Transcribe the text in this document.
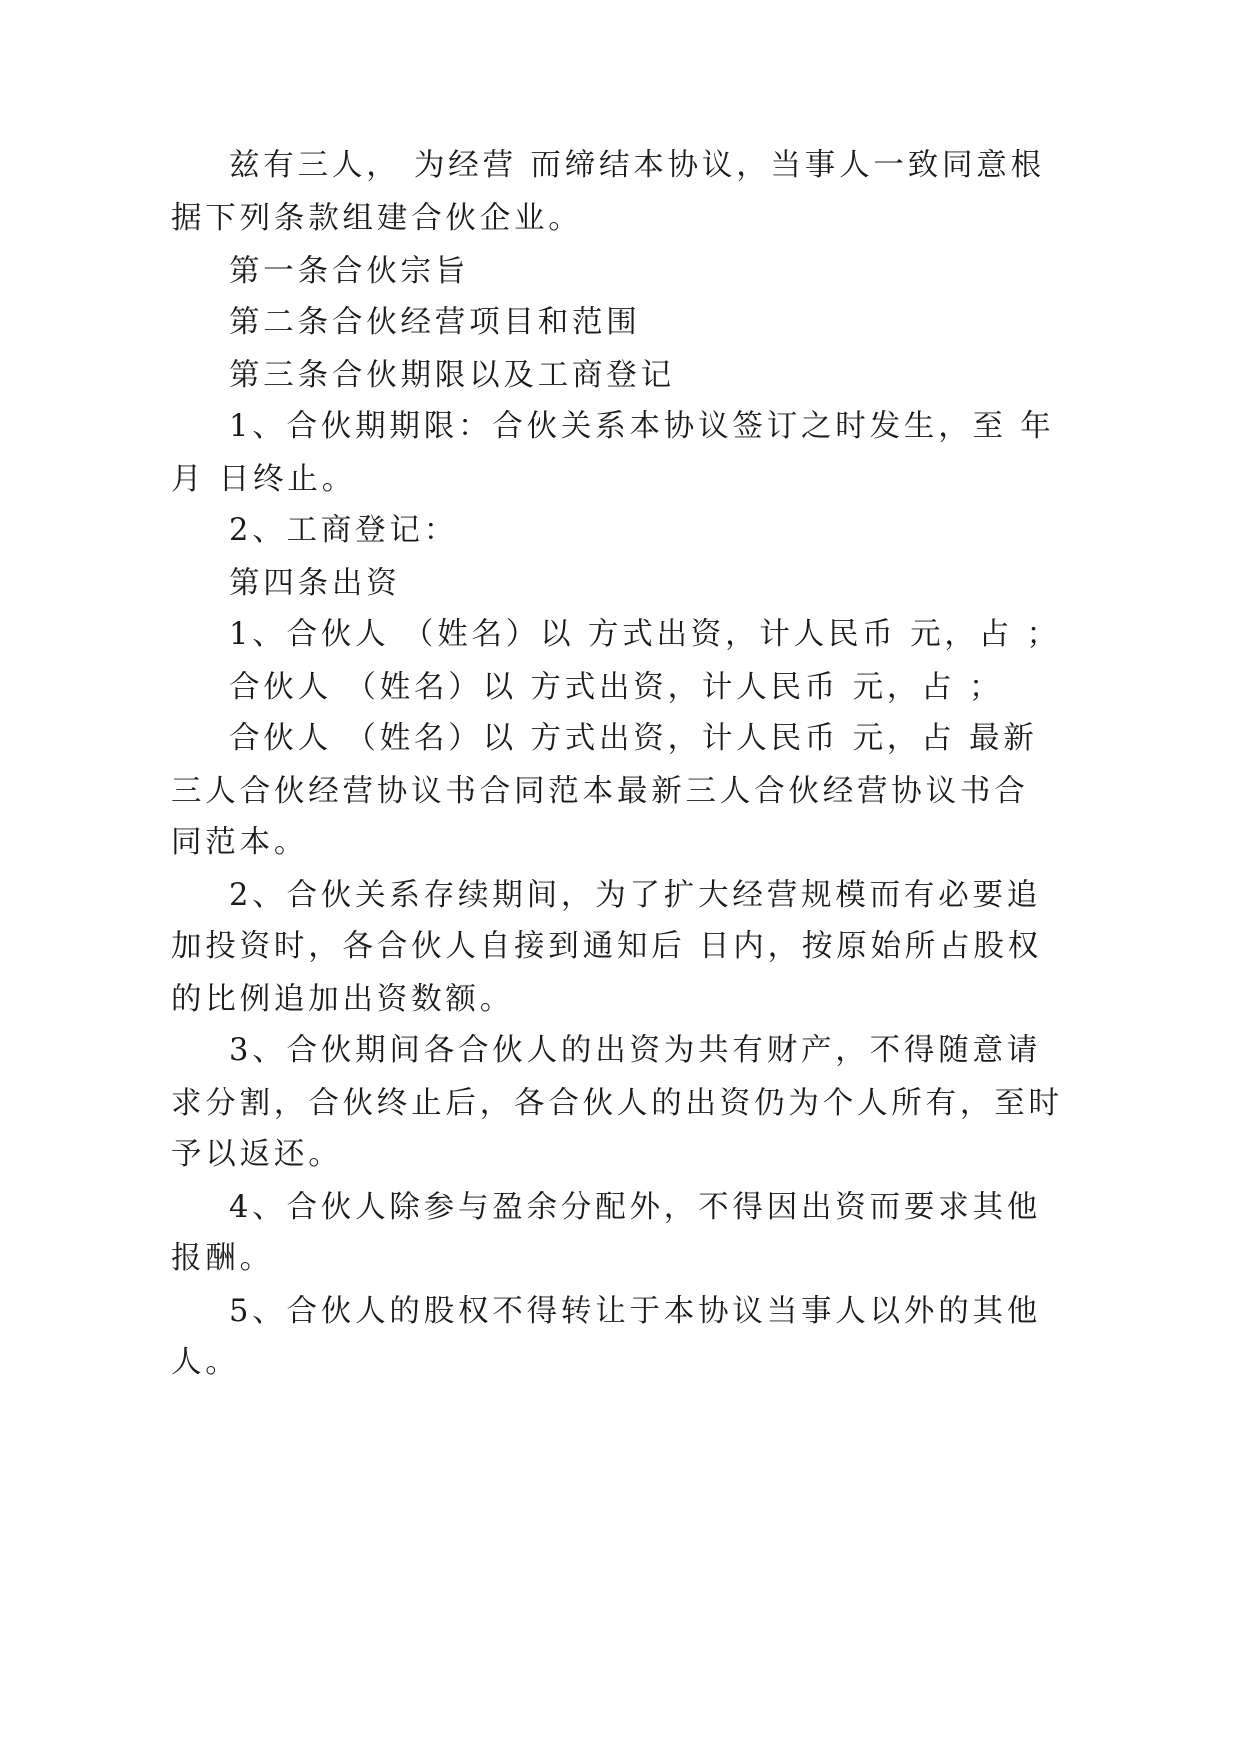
兹有三人， 为经营 而缔结本协议，当事人一致同意根
据下列条款组建合伙企业。
第一条合伙宗旨
第二条合伙经营项目和范围
第三条合伙期限以及工商登记
1、合伙期期限：合伙关系本协议签订之时发生，至 年
月 日终止。
2、工商登记：
第四条出资
1、合伙人 （姓名）以 方式出资，计人民币 元，占 ；
合伙人 （姓名）以 方式出资，计人民币 元，占 ；
合伙人 （姓名）以 方式出资，计人民币 元，占 最新
三人合伙经营协议书合同范本最新三人合伙经营协议书合
同范本。
2、合伙关系存续期间，为了扩大经营规模而有必要追
加投资时，各合伙人自接到通知后 日内，按原始所占股权
的比例追加出资数额。
3、合伙期间各合伙人的出资为共有财产，不得随意请
求分割，合伙终止后，各合伙人的出资仍为个人所有，至时
予以返还。
4、合伙人除参与盈余分配外，不得因出资而要求其他
报酬。
5、合伙人的股权不得转让于本协议当事人以外的其他
人。
